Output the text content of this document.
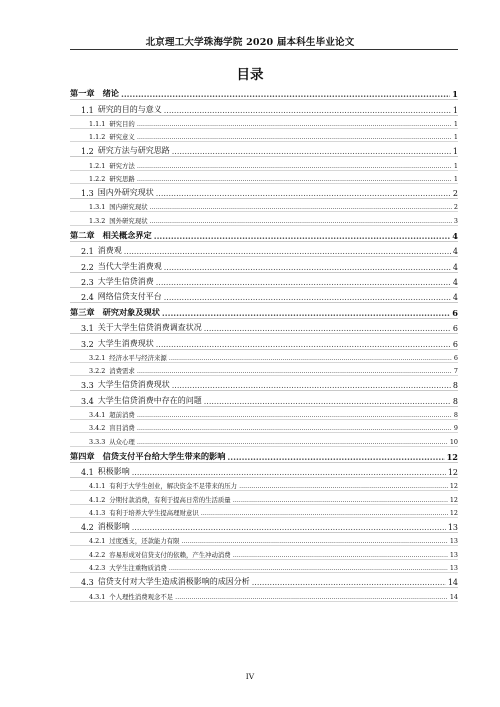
北京理工大学珠海学院 2020 届本科生毕业论文
目录
第一章 绪论 .....	1
1.1 研究的目的与意义 .....	1
1.1.1 研究目的 .....	1
1.1.2 研究意义 .....	1
1.2 研究方法与研究思路 .....	1
1.2.1 研究方法 .....	1
1.2.2 研究思路 .....	1
1.3 国内外研究现状 .....	2
1.3.1 国内研究现状 .....	2
1.3.2 国外研究现状 .....	3
第二章 相关概念界定 .....	4
2.1 消费观 .....	4
2.2 当代大学生消费观 .....	4
2.3 大学生信贷消费 .....	4
2.4 网络信贷支付平台 .....	4
第三章 研究对象及现状 .....	6
3.1 关于大学生信贷消费调查状况 .....	6
3.2 大学生消费现状 .....	6
3.2.1 经济水平与经济来源 .....	6
3.2.2 消费需求 .....	7
3.3 大学生信贷消费现状 .....	8
3.4 大学生信贷消费中存在的问题 .....	8
3.4.1 超前消费 .....	8
3.4.2 盲目消费 .....	9
3.3.3 从众心理 .....	10
第四章 信贷支付平台给大学生带来的影响 .....	12
4.1 积极影响 .....	12
4.1.1 有利于大学生创业，解决资金不足带来的压力 .....	12
4.1.2 分期付款消费，有利于提高日常的生活质量 .....	12
4.1.3 有利于培养大学生提高理财意识 .....	12
4.2 消极影响 .....	13
4.2.1 过度透支，还款能力有限 .....	13
4.2.2 容易形成对信贷支付的依赖，产生冲动消费 .....	13
4.2.3 大学生注重物质消费 .....	13
4.3 信贷支付对大学生造成消极影响的成因分析 .....	14
4.3.1 个人理性消费观念不足 .....	14
IV
